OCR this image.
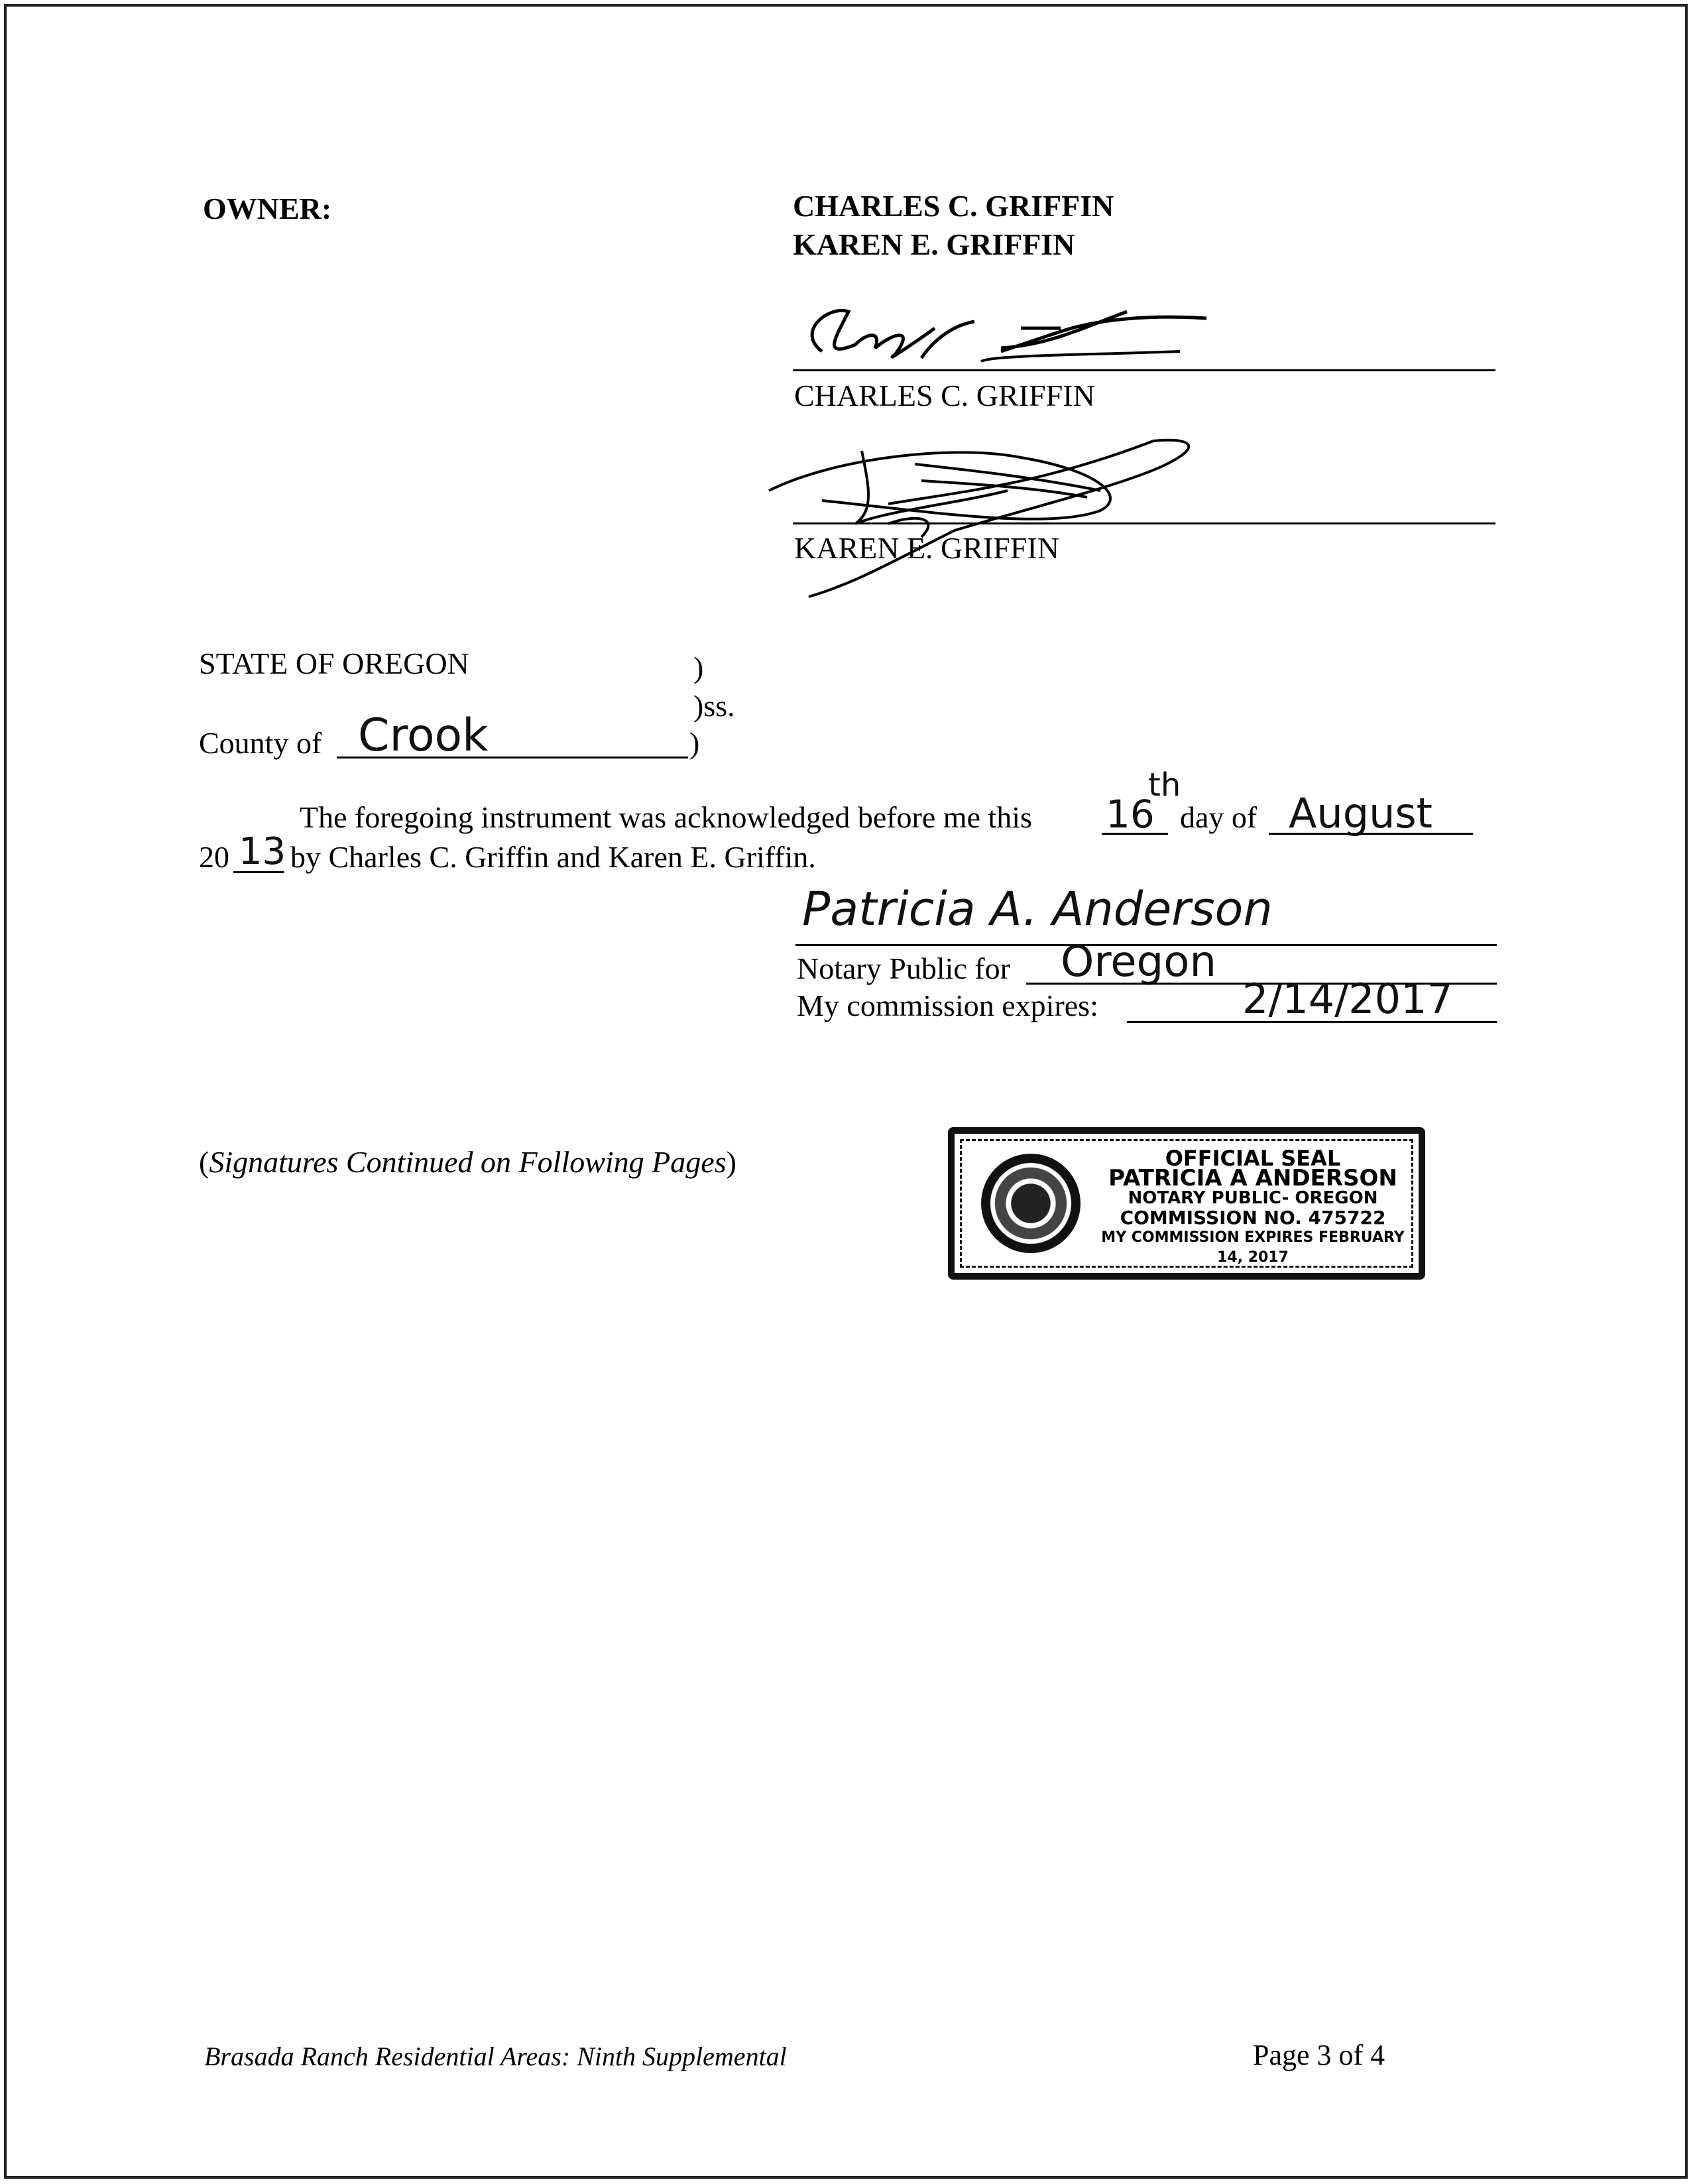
OWNER:	CHARLES C. GRIFFIN
KAREN E. GRIFFIN
CHARLES C. GRIFFIN
KAREN E. GRIFFIN
STATE OF OREGON	)
)ss.
County of Crook	)
The foregoing instrument was acknowledged before me this 16
th
day of August
20 13 by Charles C. Griffin and Karen E. Griffin.
Patricia A. Anderson
Notary Public for Oregon
My commission expires:	2/14/2017
(Signatures Continued on Following Pages)	OFFICIAL SEAL
PATRICIA A ANDERSON
NOTARY PUBLIC- OREGON
COMMISSION NO. 475722
MY COMMISSION EXPIRES FEBRUARY 14, 2017
Brasada Ranch Residential Areas: Ninth Supplemental	Page 3 of 4
